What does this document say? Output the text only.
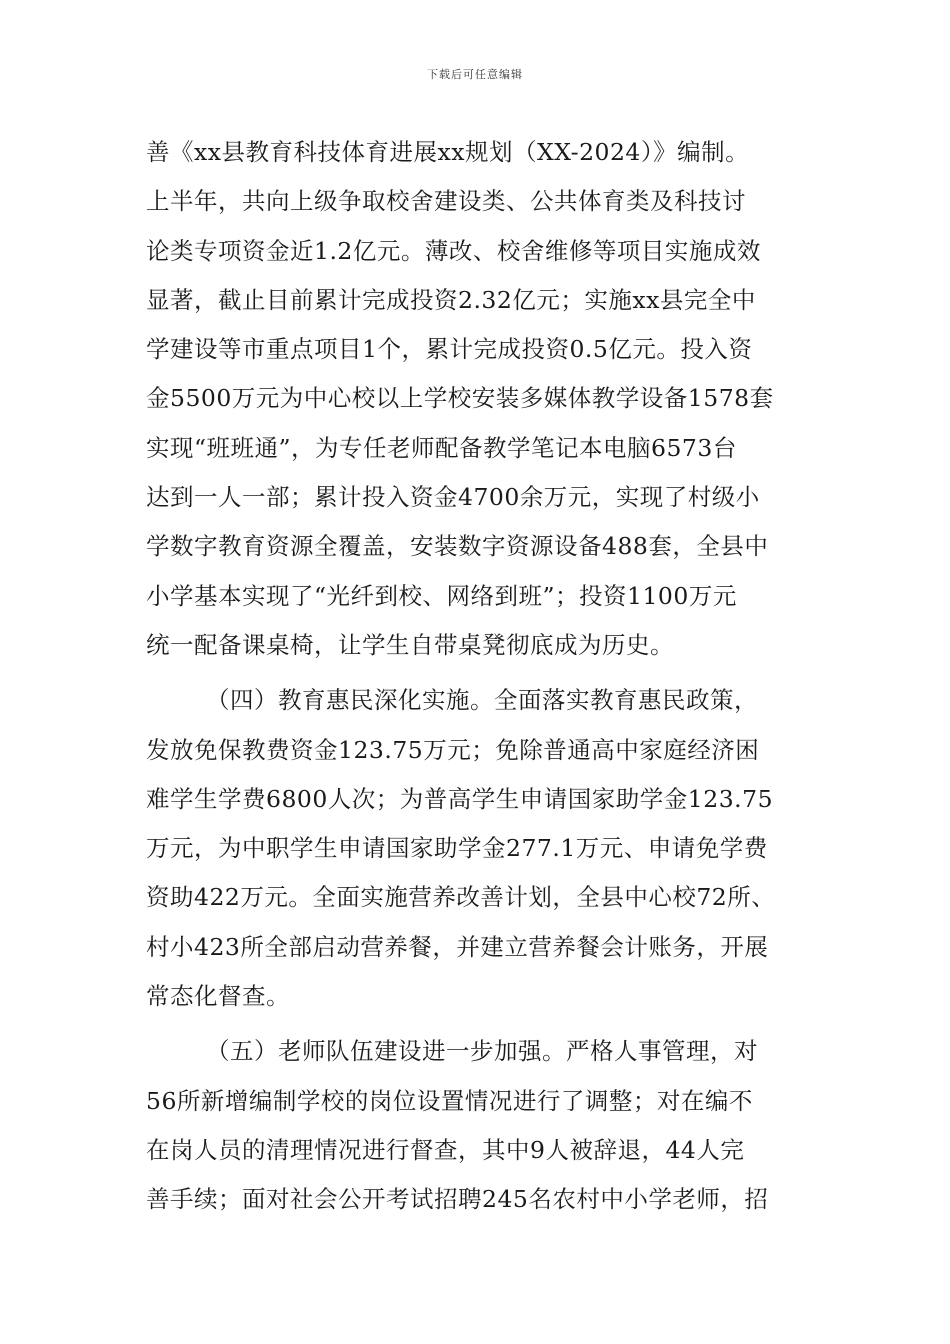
下载后可任意编辑
善《xx县教育科技体育进展xx规划（XX-2024）》编制。
上半年，共向上级争取校舍建设类、公共体育类及科技讨
论类专项资金近1.2亿元。薄改、校舍维修等项目实施成效
显著，截止目前累计完成投资2.32亿元；实施xx县完全中
学建设等市重点项目1个，累计完成投资0.5亿元。投入资
金5500万元为中心校以上学校安装多媒体教学设备1578套
实现“班班通”，为专任老师配备教学笔记本电脑6573台
达到一人一部；累计投入资金4700余万元，实现了村级小
学数字教育资源全覆盖，安装数字资源设备488套，全县中
小学基本实现了“光纤到校、网络到班”；投资1100万元
统一配备课桌椅，让学生自带桌凳彻底成为历史。
（四）教育惠民深化实施。全面落实教育惠民政策，
发放免保教费资金123.75万元；免除普通高中家庭经济困
难学生学费6800人次；为普高学生申请国家助学金123.75
万元，为中职学生申请国家助学金277.1万元、申请免学费
资助422万元。全面实施营养改善计划，全县中心校72所、
村小423所全部启动营养餐，并建立营养餐会计账务，开展
常态化督查。
（五）老师队伍建设进一步加强。严格人事管理，对
56所新增编制学校的岗位设置情况进行了调整；对在编不
在岗人员的清理情况进行督查，其中9人被辞退，44人完
善手续；面对社会公开考试招聘245名农村中小学老师，招
